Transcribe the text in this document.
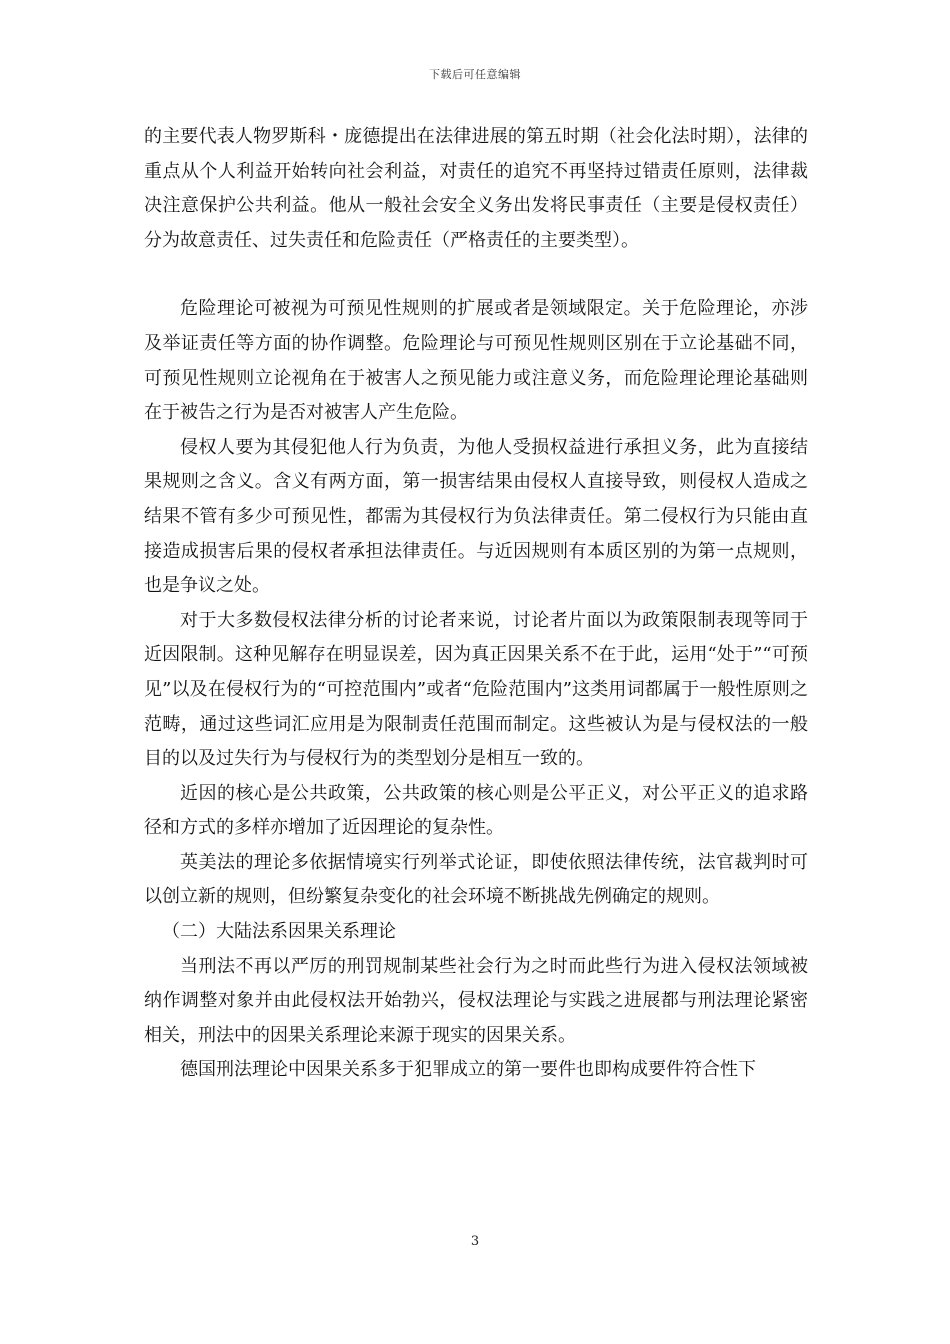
下载后可任意编辑

的主要代表人物罗斯科・庞德提出在法律进展的第五时期（社会化法时期），法律的重点从个人利益开始转向社会利益，对责任的追究不再坚持过错责任原则，法律裁决注意保护公共利益。他从一般社会安全义务出发将民事责任（主要是侵权责任）分为故意责任、过失责任和危险责任（严格责任的主要类型）。

危险理论可被视为可预见性规则的扩展或者是领域限定。关于危险理论，亦涉及举证责任等方面的协作调整。危险理论与可预见性规则区别在于立论基础不同，可预见性规则立论视角在于被害人之预见能力或注意义务，而危险理论理论基础则在于被告之行为是否对被害人产生危险。

侵权人要为其侵犯他人行为负责，为他人受损权益进行承担义务，此为直接结果规则之含义。含义有两方面，第一损害结果由侵权人直接导致，则侵权人造成之结果不管有多少可预见性，都需为其侵权行为负法律责任。第二侵权行为只能由直接造成损害后果的侵权者承担法律责任。与近因规则有本质区别的为第一点规则，也是争议之处。

对于大多数侵权法律分析的讨论者来说，讨论者片面以为政策限制表现等同于近因限制。这种见解存在明显误差，因为真正因果关系不在于此，运用“处于”“可预见”以及在侵权行为的“可控范围内”或者“危险范围内”这类用词都属于一般性原则之范畴，通过这些词汇应用是为限制责任范围而制定。这些被认为是与侵权法的一般目的以及过失行为与侵权行为的类型划分是相互一致的。

近因的核心是公共政策，公共政策的核心则是公平正义，对公平正义的追求路径和方式的多样亦增加了近因理论的复杂性。

英美法的理论多依据情境实行列举式论证，即使依照法律传统，法官裁判时可以创立新的规则，但纷繁复杂变化的社会环境不断挑战先例确定的规则。

（二）大陆法系因果关系理论

当刑法不再以严厉的刑罚规制某些社会行为之时而此些行为进入侵权法领域被纳作调整对象并由此侵权法开始勃兴，侵权法理论与实践之进展都与刑法理论紧密相关，刑法中的因果关系理论来源于现实的因果关系。

德国刑法理论中因果关系多于犯罪成立的第一要件也即构成要件符合性下

3
